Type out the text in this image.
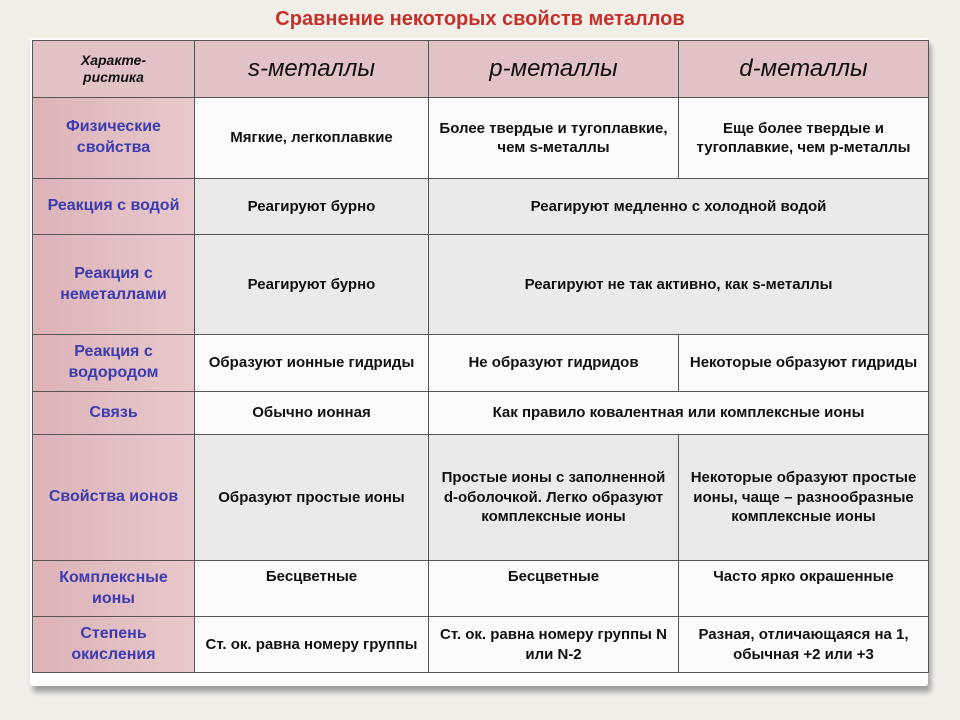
Сравнение некоторых свойств металлов
Характе-
ристика	s-металлы	p-металлы	d-металлы
Физические свойства	Мягкие, легкоплавкие	Более твердые и тугоплавкие, чем s-металлы	Еще более твердые и тугоплавкие, чем p-металлы
Реакция с водой	Реагируют бурно	Реагируют медленно с холодной водой	
Реакция с неметаллами	Реагируют бурно	Реагируют не так активно, как s-металлы	
Реакция с водородом	Образуют ионные гидриды	Не образуют гидридов	Некоторые образуют гидриды
Связь	Обычно ионная	Как правило ковалентная или комплексные ионы	
Свойства ионов	Образуют простые ионы	Простые ионы с заполненной d-оболочкой. Легко образуют комплексные ионы	Некоторые образуют простые ионы, чаще – разнообразные комплексные ионы
Комплексные ионы	Бесцветные	Бесцветные	Часто ярко окрашенные
Степень окисления	Ст. ок. равна номеру группы	Ст. ок. равна номеру группы N или N-2	Разная, отличающаяся на 1, обычная +2 или +3
